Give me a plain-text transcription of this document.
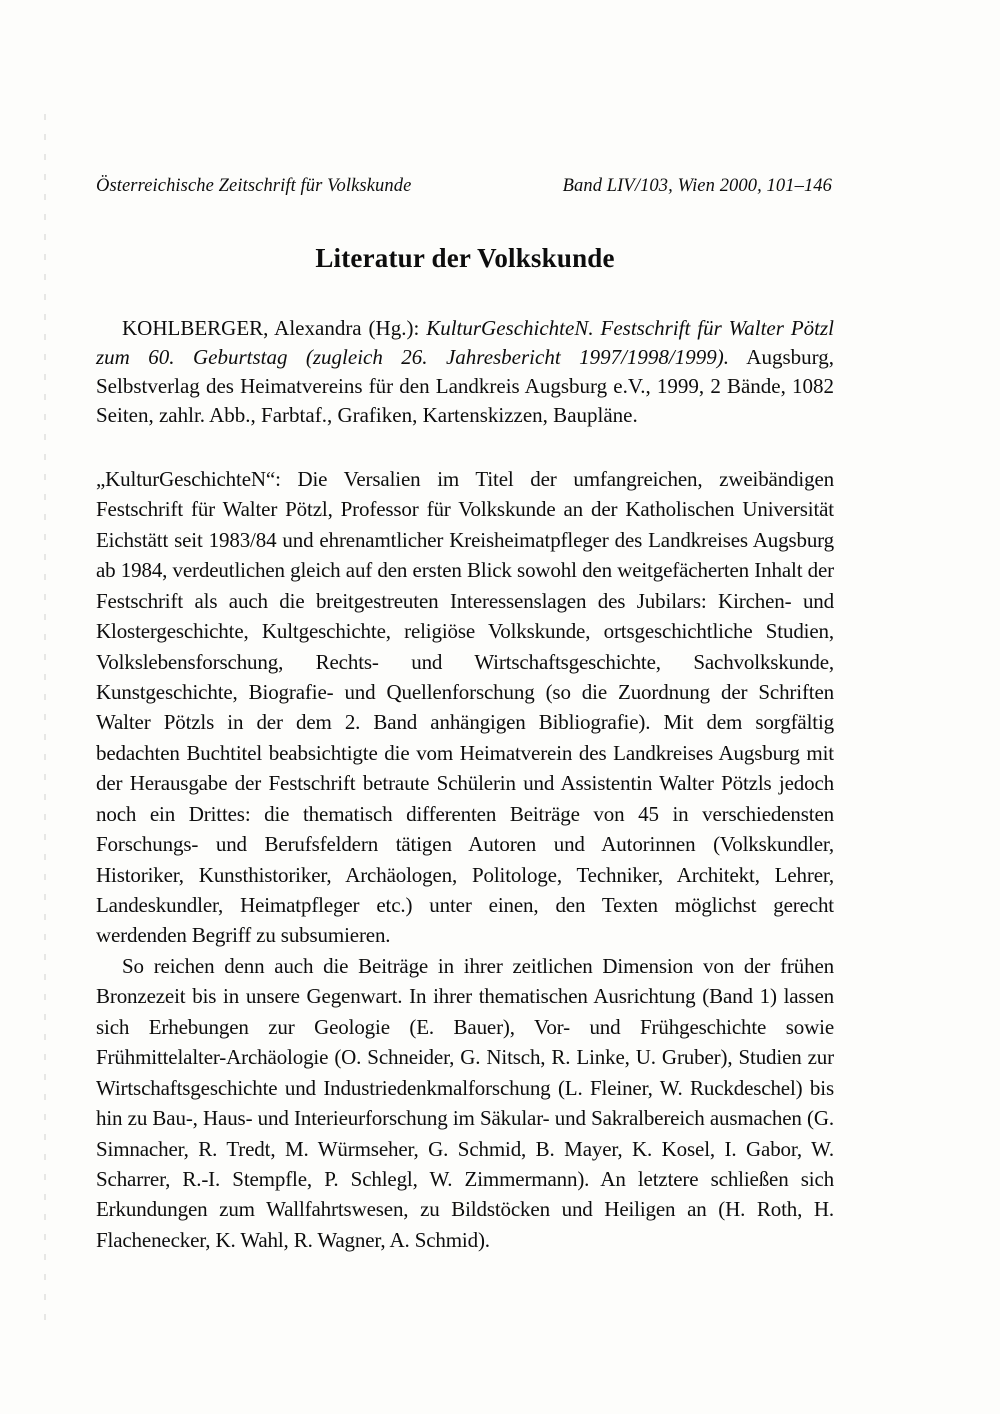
Österreichische Zeitschrift für Volkskunde	Band LIV/103, Wien 2000, 101–146
Literatur der Volkskunde
KOHLBERGER, Alexandra (Hg.): KulturGeschichteN. Festschrift für Walter Pötzl zum 60. Geburtstag (zugleich 26. Jahresbericht 1997/1998/1999). Augsburg, Selbstverlag des Heimatvereins für den Landkreis Augsburg e.V., 1999, 2 Bände, 1082 Seiten, zahlr. Abb., Farbtaf., Grafiken, Kartenskizzen, Baupläne.

„KulturGeschichteN“: Die Versalien im Titel der umfangreichen, zweibändigen Festschrift für Walter Pötzl, Professor für Volkskunde an der Katholischen Universität Eichstätt seit 1983/84 und ehrenamtlicher Kreisheimatpfleger des Landkreises Augsburg ab 1984, verdeutlichen gleich auf den ersten Blick sowohl den weitgefächerten Inhalt der Festschrift als auch die breitgestreuten Interessenslagen des Jubilars: Kirchen- und Klostergeschichte, Kultgeschichte, religiöse Volkskunde, ortsgeschichtliche Studien, Volkslebensforschung, Rechts- und Wirtschaftsgeschichte, Sachvolkskunde, Kunstgeschichte, Biografie- und Quellenforschung (so die Zuordnung der Schriften Walter Pötzls in der dem 2. Band anhängigen Bibliografie). Mit dem sorgfältig bedachten Buchtitel beabsichtigte die vom Heimatverein des Landkreises Augsburg mit der Herausgabe der Festschrift betraute Schülerin und Assistentin Walter Pötzls jedoch noch ein Drittes: die thematisch differenten Beiträge von 45 in verschiedensten Forschungs- und Berufsfeldern tätigen Autoren und Autorinnen (Volkskundler, Historiker, Kunsthistoriker, Archäologen, Politologe, Techniker, Architekt, Lehrer, Landeskundler, Heimatpfleger etc.) unter einen, den Texten möglichst gerecht werdenden Begriff zu subsumieren.

So reichen denn auch die Beiträge in ihrer zeitlichen Dimension von der frühen Bronzezeit bis in unsere Gegenwart. In ihrer thematischen Ausrichtung (Band 1) lassen sich Erhebungen zur Geologie (E. Bauer), Vor- und Frühgeschichte sowie Frühmittelalter-Archäologie (O. Schneider, G. Nitsch, R. Linke, U. Gruber), Studien zur Wirtschaftsgeschichte und Industriedenkmalforschung (L. Fleiner, W. Ruckdeschel) bis hin zu Bau-, Haus- und Interieurforschung im Säkular- und Sakralbereich ausmachen (G. Simnacher, R. Tredt, M. Würmseher, G. Schmid, B. Mayer, K. Kosel, I. Gabor, W. Scharrer, R.-I. Stempfle, P. Schlegl, W. Zimmermann). An letztere schließen sich Erkundungen zum Wallfahrtswesen, zu Bildstöcken und Heiligen an (H. Roth, H. Flachenecker, K. Wahl, R. Wagner, A. Schmid).
